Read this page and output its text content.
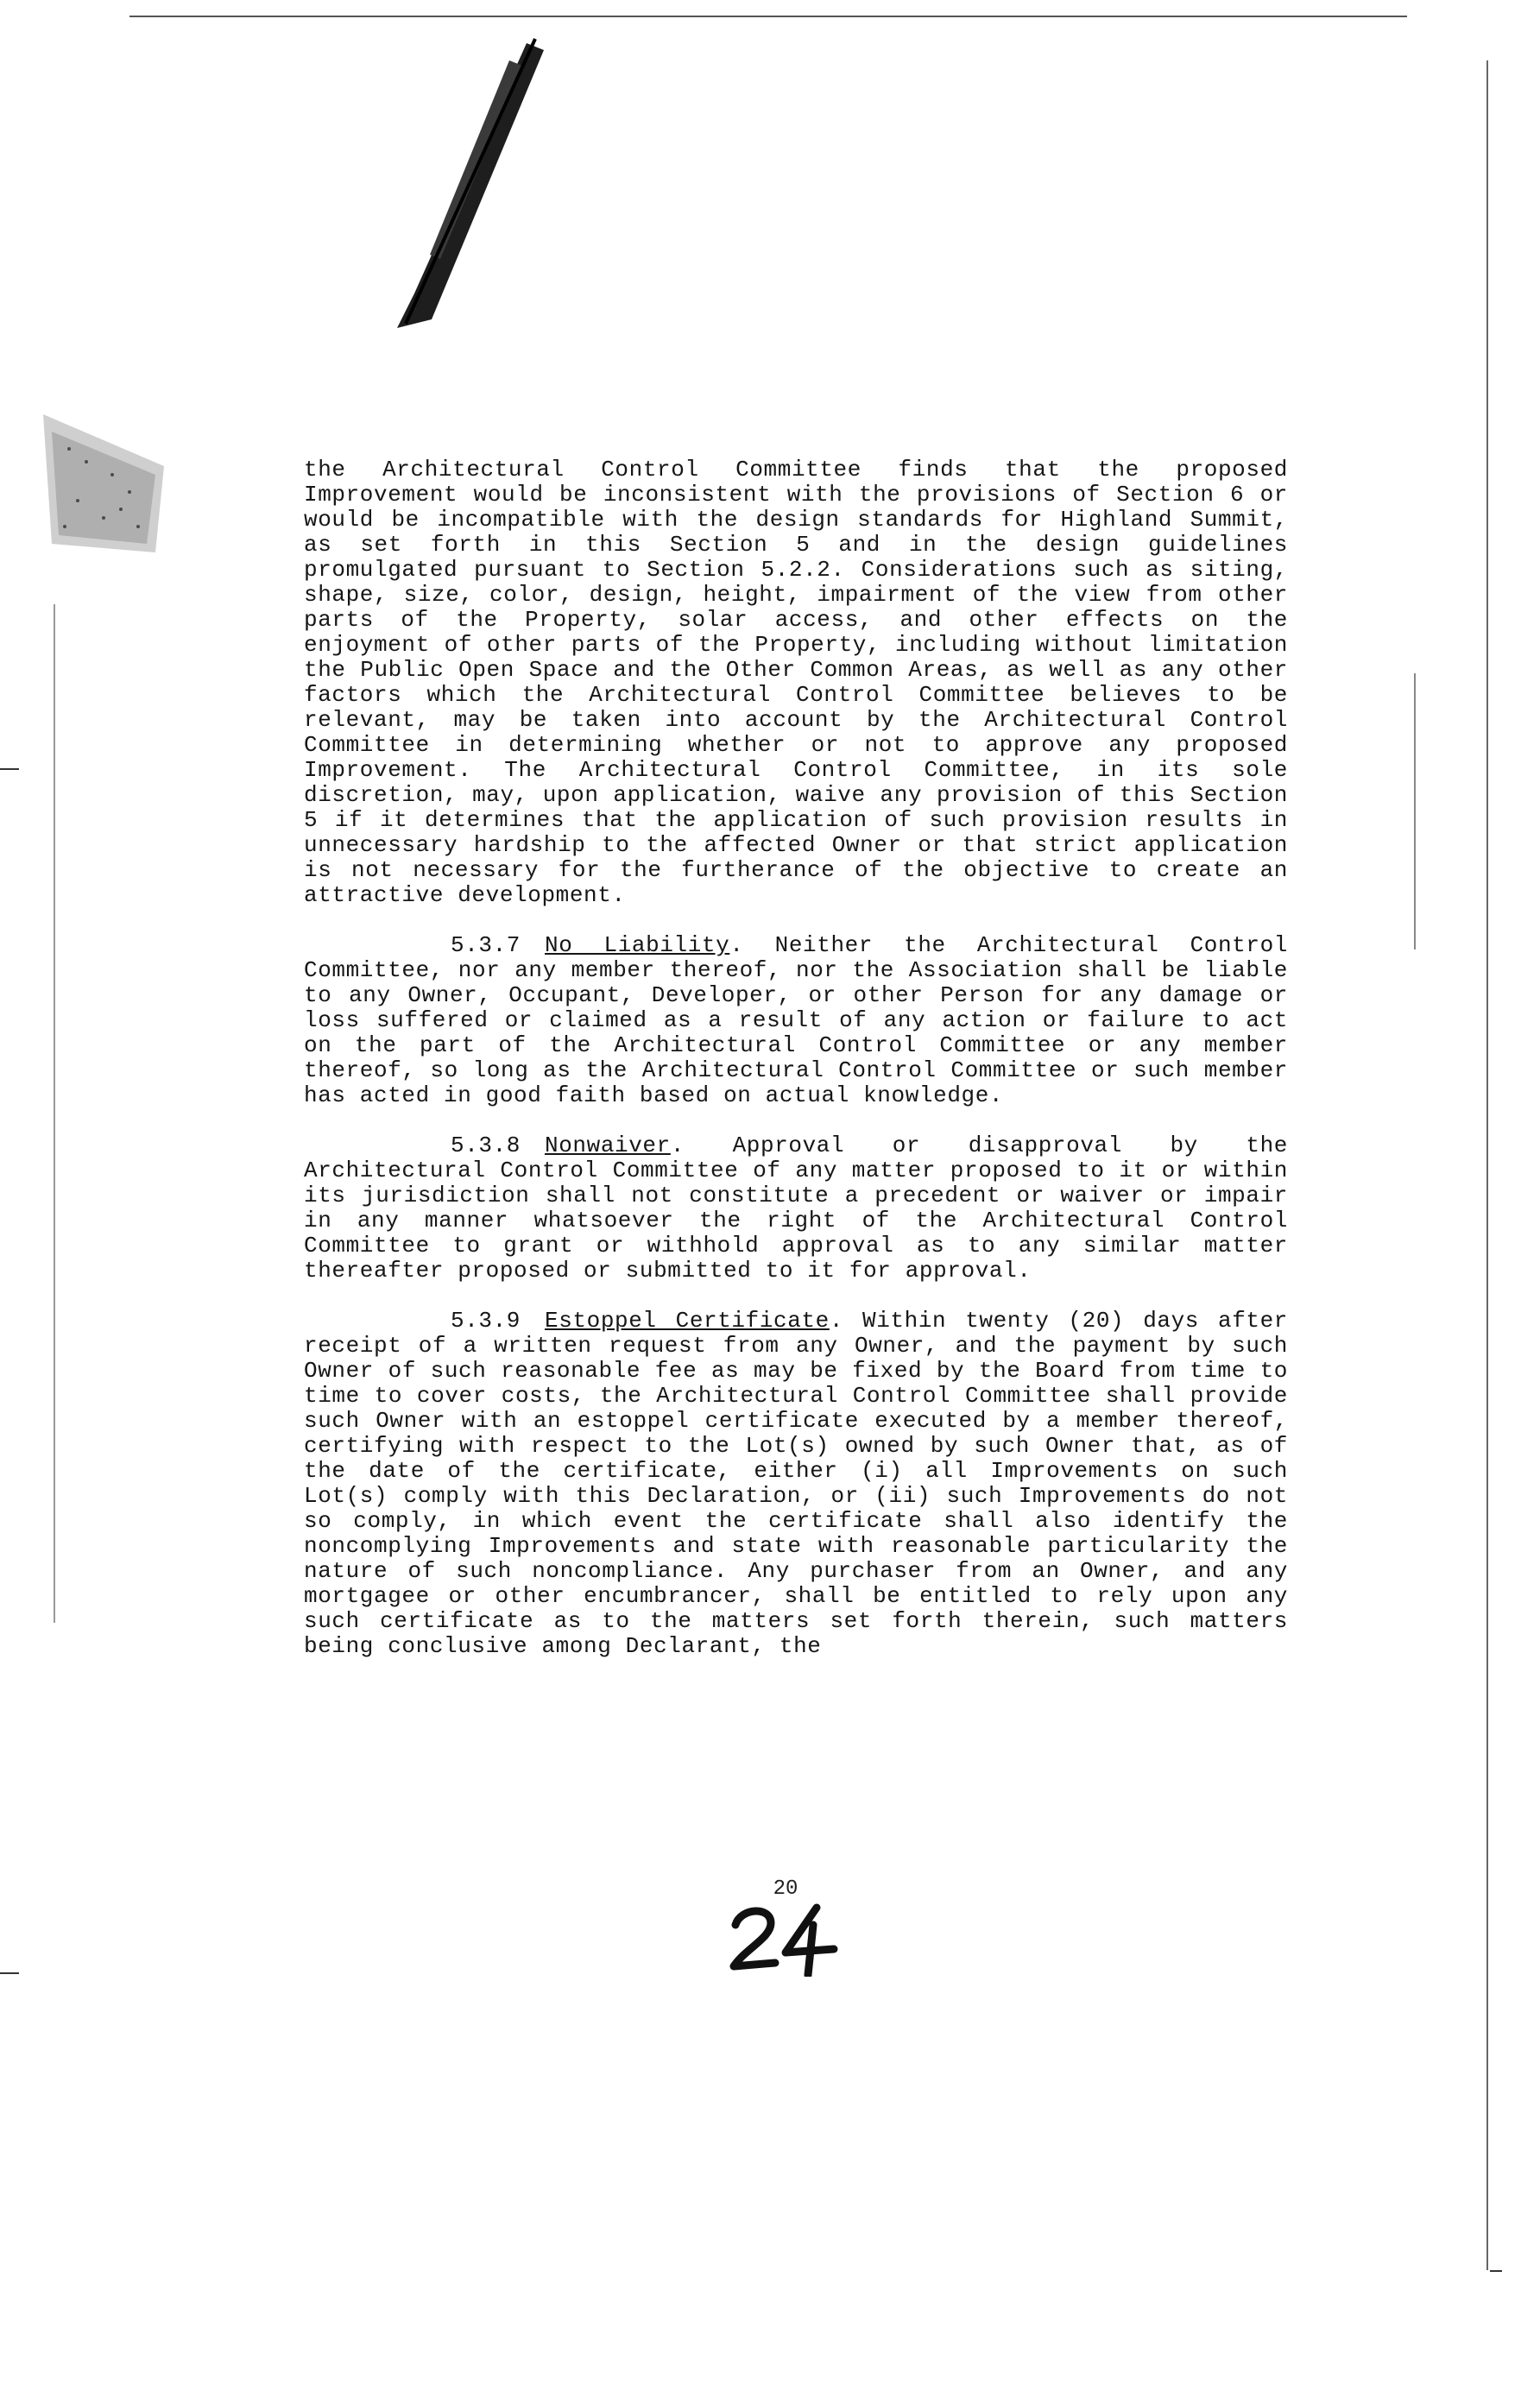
the Architectural Control Committee finds that the proposed Improvement would be inconsistent with the provisions of Section 6 or would be incompatible with the design standards for Highland Summit, as set forth in this Section 5 and in the design guidelines promulgated pursuant to Section 5.2.2. Considerations such as siting, shape, size, color, design, height, impairment of the view from other parts of the Property, solar access, and other effects on the enjoyment of other parts of the Property, including without limitation the Public Open Space and the Other Common Areas, as well as any other factors which the Architectural Control Committee believes to be relevant, may be taken into account by the Architectural Control Committee in determining whether or not to approve any proposed Improvement. The Architectural Control Committee, in its sole discretion, may, upon application, waive any provision of this Section 5 if it determines that the application of such provision results in unnecessary hardship to the affected Owner or that strict application is not necessary for the furtherance of the objective to create an attractive development.

5.3.7 No Liability. Neither the Architectural Control Committee, nor any member thereof, nor the Association shall be liable to any Owner, Occupant, Developer, or other Person for any damage or loss suffered or claimed as a result of any action or failure to act on the part of the Architectural Control Committee or any member thereof, so long as the Architectural Control Committee or such member has acted in good faith based on actual knowledge.

5.3.8 Nonwaiver. Approval or disapproval by the Architectural Control Committee of any matter proposed to it or within its jurisdiction shall not constitute a precedent or waiver or impair in any manner whatsoever the right of the Architectural Control Committee to grant or withhold approval as to any similar matter thereafter proposed or submitted to it for approval.

5.3.9 Estoppel Certificate. Within twenty (20) days after receipt of a written request from any Owner, and the payment by such Owner of such reasonable fee as may be fixed by the Board from time to time to cover costs, the Architectural Control Committee shall provide such Owner with an estoppel certificate executed by a member thereof, certifying with respect to the Lot(s) owned by such Owner that, as of the date of the certificate, either (i) all Improvements on such Lot(s) comply with this Declaration, or (ii) such Improvements do not so comply, in which event the certificate shall also identify the noncomplying Improvements and state with reasonable particularity the nature of such noncompliance. Any purchaser from an Owner, and any mortgagee or other encumbrancer, shall be entitled to rely upon any such certificate as to the matters set forth therein, such matters being conclusive among Declarant, the

20
